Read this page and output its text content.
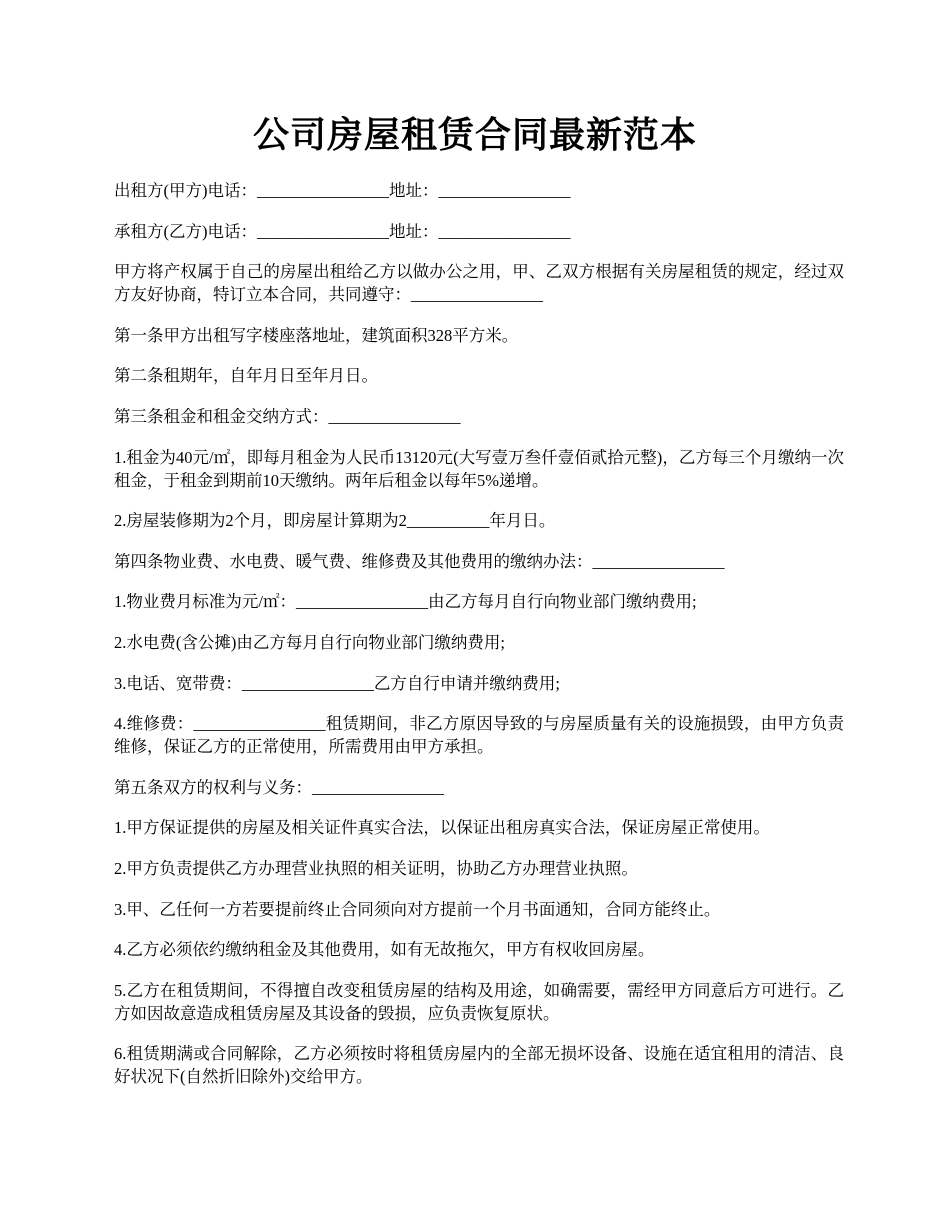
公司房屋租赁合同最新范本

出租方(甲方)电话：________________地址：________________

承租方(乙方)电话：________________地址：________________

甲方将产权属于自己的房屋出租给乙方以做办公之用，甲、乙双方根据有关房屋租赁的规定，经过双方友好协商，特订立本合同，共同遵守：________________

第一条甲方出租写字楼座落地址，建筑面积328平方米。

第二条租期年，自年月日至年月日。

第三条租金和租金交纳方式：________________

1.租金为40元/㎡，即每月租金为人民币13120元(大写壹万叁仟壹佰贰拾元整)，乙方每三个月缴纳一次租金，于租金到期前10天缴纳。两年后租金以每年5%递增。

2.房屋装修期为2个月，即房屋计算期为2__________年月日。

第四条物业费、水电费、暖气费、维修费及其他费用的缴纳办法：________________

1.物业费月标准为元/㎡：________________由乙方每月自行向物业部门缴纳费用;

2.水电费(含公摊)由乙方每月自行向物业部门缴纳费用;

3.电话、宽带费：________________乙方自行申请并缴纳费用;

4.维修费：________________租赁期间，非乙方原因导致的与房屋质量有关的设施损毁，由甲方负责维修，保证乙方的正常使用，所需费用由甲方承担。

第五条双方的权利与义务：________________

1.甲方保证提供的房屋及相关证件真实合法，以保证出租房真实合法，保证房屋正常使用。

2.甲方负责提供乙方办理营业执照的相关证明，协助乙方办理营业执照。

3.甲、乙任何一方若要提前终止合同须向对方提前一个月书面通知，合同方能终止。

4.乙方必须依约缴纳租金及其他费用，如有无故拖欠，甲方有权收回房屋。

5.乙方在租赁期间，不得擅自改变租赁房屋的结构及用途，如确需要，需经甲方同意后方可进行。乙方如因故意造成租赁房屋及其设备的毁损，应负责恢复原状。

6.租赁期满或合同解除，乙方必须按时将租赁房屋内的全部无损坏设备、设施在适宜租用的清洁、良好状况下(自然折旧除外)交给甲方。
